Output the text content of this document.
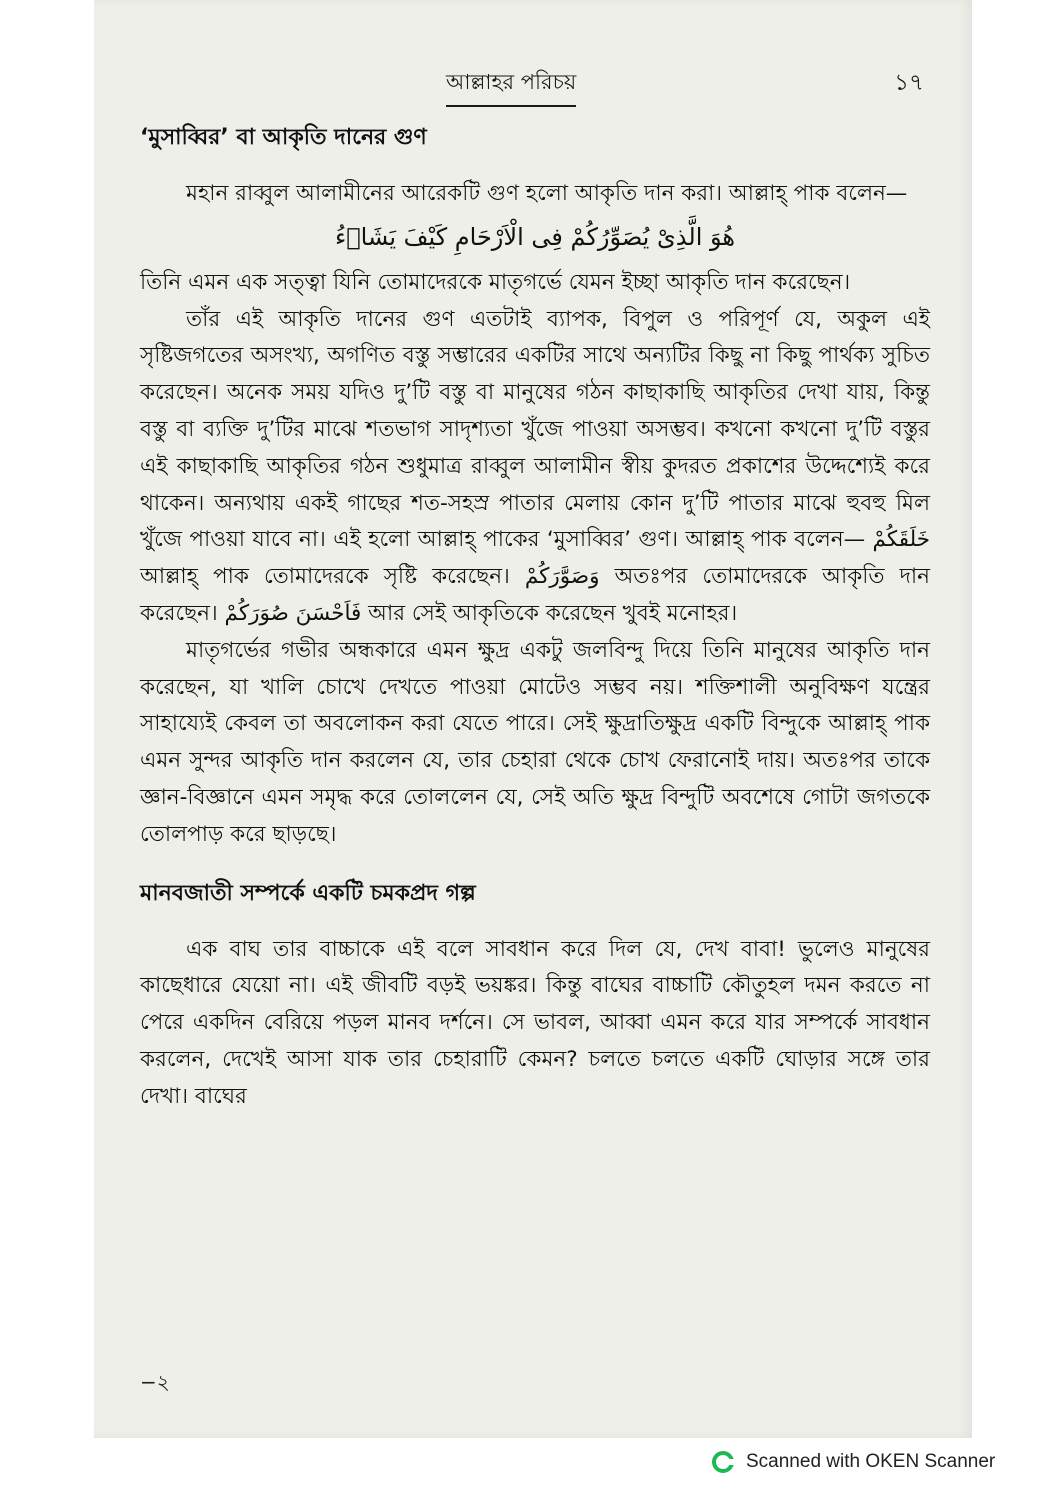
আল্লাহর পরিচয়	১৭
‘মুসাব্বির’ বা আকৃতি দানের গুণ

মহান রাব্বুল আলামীনের আরেকটি গুণ হলো আকৃতি দান করা। আল্লাহ্ পাক বলেন—

هُوَ الَّذِىْ يُصَوِّرُكُمْ فِى الْاَرْحَامِ كَيْفَ يَشَاۤءُ

তিনি এমন এক সত্ত্বা যিনি তোমাদেরকে মাতৃগর্ভে যেমন ইচ্ছা আকৃতি দান করেছেন।

তাঁর এই আকৃতি দানের গুণ এতটাই ব্যাপক, বিপুল ও পরিপূর্ণ যে, অকুল এই সৃষ্টিজগতের অসংখ্য, অগণিত বস্তু সম্ভারের একটির সাথে অন্যটির কিছু না কিছু পার্থক্য সুচিত করেছেন। অনেক সময় যদিও দু’টি বস্তু বা মানুষের গঠন কাছাকাছি আকৃতির দেখা যায়, কিন্তু বস্তু বা ব্যক্তি দু’টির মাঝে শতভাগ সাদৃশ্যতা খুঁজে পাওয়া অসম্ভব। কখনো কখনো দু’টি বস্তুর এই কাছাকাছি আকৃতির গঠন শুধুমাত্র রাব্বুল আলামীন স্বীয় কুদরত প্রকাশের উদ্দেশ্যেই করে থাকেন। অন্যথায় একই গাছের শত-সহস্র পাতার মেলায় কোন দু’টি পাতার মাঝে হুবহু মিল খুঁজে পাওয়া যাবে না। এই হলো আল্লাহ্ পাকের ‘মুসাব্বির’ গুণ। আল্লাহ্ পাক বলেন— خَلَقَكُمْ আল্লাহ্ পাক তোমাদেরকে সৃষ্টি করেছেন। وَصَوَّرَكُمْ অতঃপর তোমাদেরকে আকৃতি দান করেছেন। فَاَحْسَنَ صُوَرَكُمْ আর সেই আকৃতিকে করেছেন খুবই মনোহর।

মাতৃগর্ভের গভীর অন্ধকারে এমন ক্ষুদ্র একটু জলবিন্দু দিয়ে তিনি মানুষের আকৃতি দান করেছেন, যা খালি চোখে দেখতে পাওয়া মোটেও সম্ভব নয়। শক্তিশালী অনুবিক্ষণ যন্ত্রের সাহায্যেই কেবল তা অবলোকন করা যেতে পারে। সেই ক্ষুদ্রাতিক্ষুদ্র একটি বিন্দুকে আল্লাহ্ পাক এমন সুন্দর আকৃতি দান করলেন যে, তার চেহারা থেকে চোখ ফেরানোই দায়। অতঃপর তাকে জ্ঞান-বিজ্ঞানে এমন সমৃদ্ধ করে তোললেন যে, সেই অতি ক্ষুদ্র বিন্দুটি অবশেষে গোটা জগতকে তোলপাড় করে ছাড়ছে।

মানবজাতী সম্পর্কে একটি চমকপ্রদ গল্প

এক বাঘ তার বাচ্চাকে এই বলে সাবধান করে দিল যে, দেখ বাবা! ভুলেও মানুষের কাছেধারে যেয়ো না। এই জীবটি বড়ই ভয়ঙ্কর। কিন্তু বাঘের বাচ্চাটি কৌতুহল দমন করতে না পেরে একদিন বেরিয়ে পড়ল মানব দর্শনে। সে ভাবল, আব্বা এমন করে যার সম্পর্কে সাবধান করলেন, দেখেই আসা যাক তার চেহারাটি কেমন? চলতে চলতে একটি ঘোড়ার সঙ্গে তার দেখা। বাঘের

−২
Scanned with OKEN Scanner
